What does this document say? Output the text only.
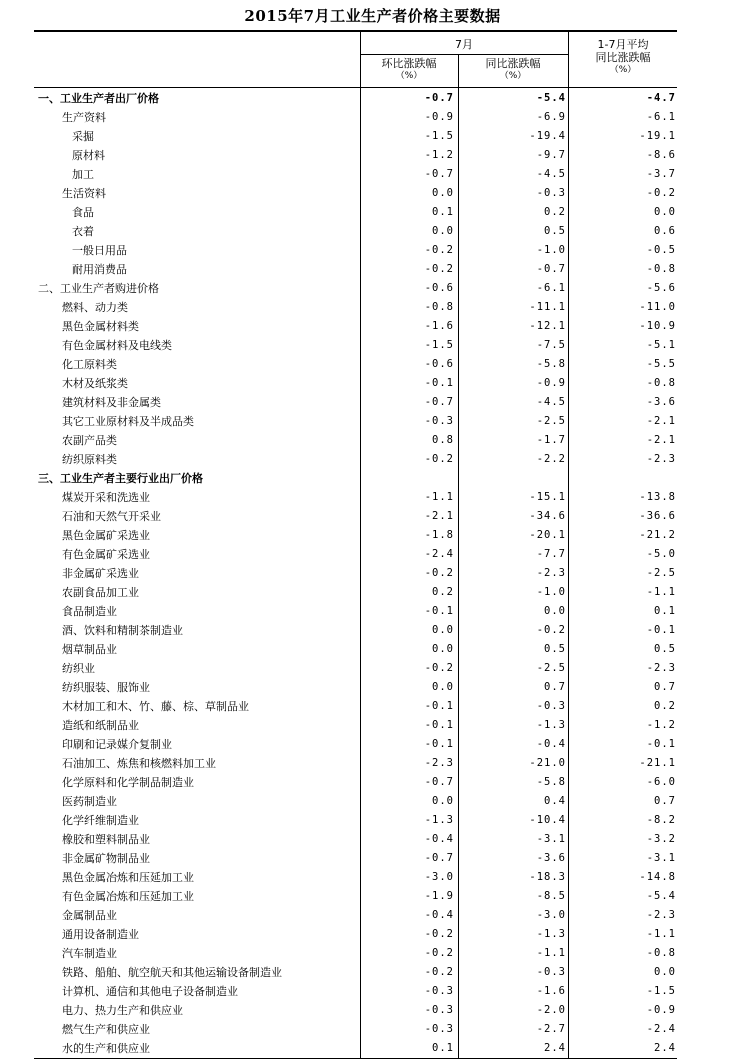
2015年7月工业生产者价格主要数据
7月
环比涨跌幅
（%）
同比涨跌幅
（%）
1-7月平均
同比涨跌幅
（%）
一、工业生产者出厂价格	-0.7	-5.4	-4.7
生产资料	-0.9	-6.9	-6.1
采掘	-1.5	-19.4	-19.1
原材料	-1.2	-9.7	-8.6
加工	-0.7	-4.5	-3.7
生活资料	0.0	-0.3	-0.2
食品	0.1	0.2	0.0
衣着	0.0	0.5	0.6
一般日用品	-0.2	-1.0	-0.5
耐用消费品	-0.2	-0.7	-0.8
二、工业生产者购进价格	-0.6	-6.1	-5.6
燃料、动力类	-0.8	-11.1	-11.0
黑色金属材料类	-1.6	-12.1	-10.9
有色金属材料及电线类	-1.5	-7.5	-5.1
化工原料类	-0.6	-5.8	-5.5
木材及纸浆类	-0.1	-0.9	-0.8
建筑材料及非金属类	-0.7	-4.5	-3.6
其它工业原材料及半成品类	-0.3	-2.5	-2.1
农副产品类	0.8	-1.7	-2.1
纺织原料类	-0.2	-2.2	-2.3
三、工业生产者主要行业出厂价格
煤炭开采和洗选业	-1.1	-15.1	-13.8
石油和天然气开采业	-2.1	-34.6	-36.6
黑色金属矿采选业	-1.8	-20.1	-21.2
有色金属矿采选业	-2.4	-7.7	-5.0
非金属矿采选业	-0.2	-2.3	-2.5
农副食品加工业	0.2	-1.0	-1.1
食品制造业	-0.1	0.0	0.1
酒、饮料和精制茶制造业	0.0	-0.2	-0.1
烟草制品业	0.0	0.5	0.5
纺织业	-0.2	-2.5	-2.3
纺织服装、服饰业	0.0	0.7	0.7
木材加工和木、竹、藤、棕、草制品业	-0.1	-0.3	0.2
造纸和纸制品业	-0.1	-1.3	-1.2
印刷和记录媒介复制业	-0.1	-0.4	-0.1
石油加工、炼焦和核燃料加工业	-2.3	-21.0	-21.1
化学原料和化学制品制造业	-0.7	-5.8	-6.0
医药制造业	0.0	0.4	0.7
化学纤维制造业	-1.3	-10.4	-8.2
橡胶和塑料制品业	-0.4	-3.1	-3.2
非金属矿物制品业	-0.7	-3.6	-3.1
黑色金属冶炼和压延加工业	-3.0	-18.3	-14.8
有色金属冶炼和压延加工业	-1.9	-8.5	-5.4
金属制品业	-0.4	-3.0	-2.3
通用设备制造业	-0.2	-1.3	-1.1
汽车制造业	-0.2	-1.1	-0.8
铁路、船舶、航空航天和其他运输设备制造业	-0.2	-0.3	0.0
计算机、通信和其他电子设备制造业	-0.3	-1.6	-1.5
电力、热力生产和供应业	-0.3	-2.0	-0.9
燃气生产和供应业	-0.3	-2.7	-2.4
水的生产和供应业	0.1	2.4	2.4
